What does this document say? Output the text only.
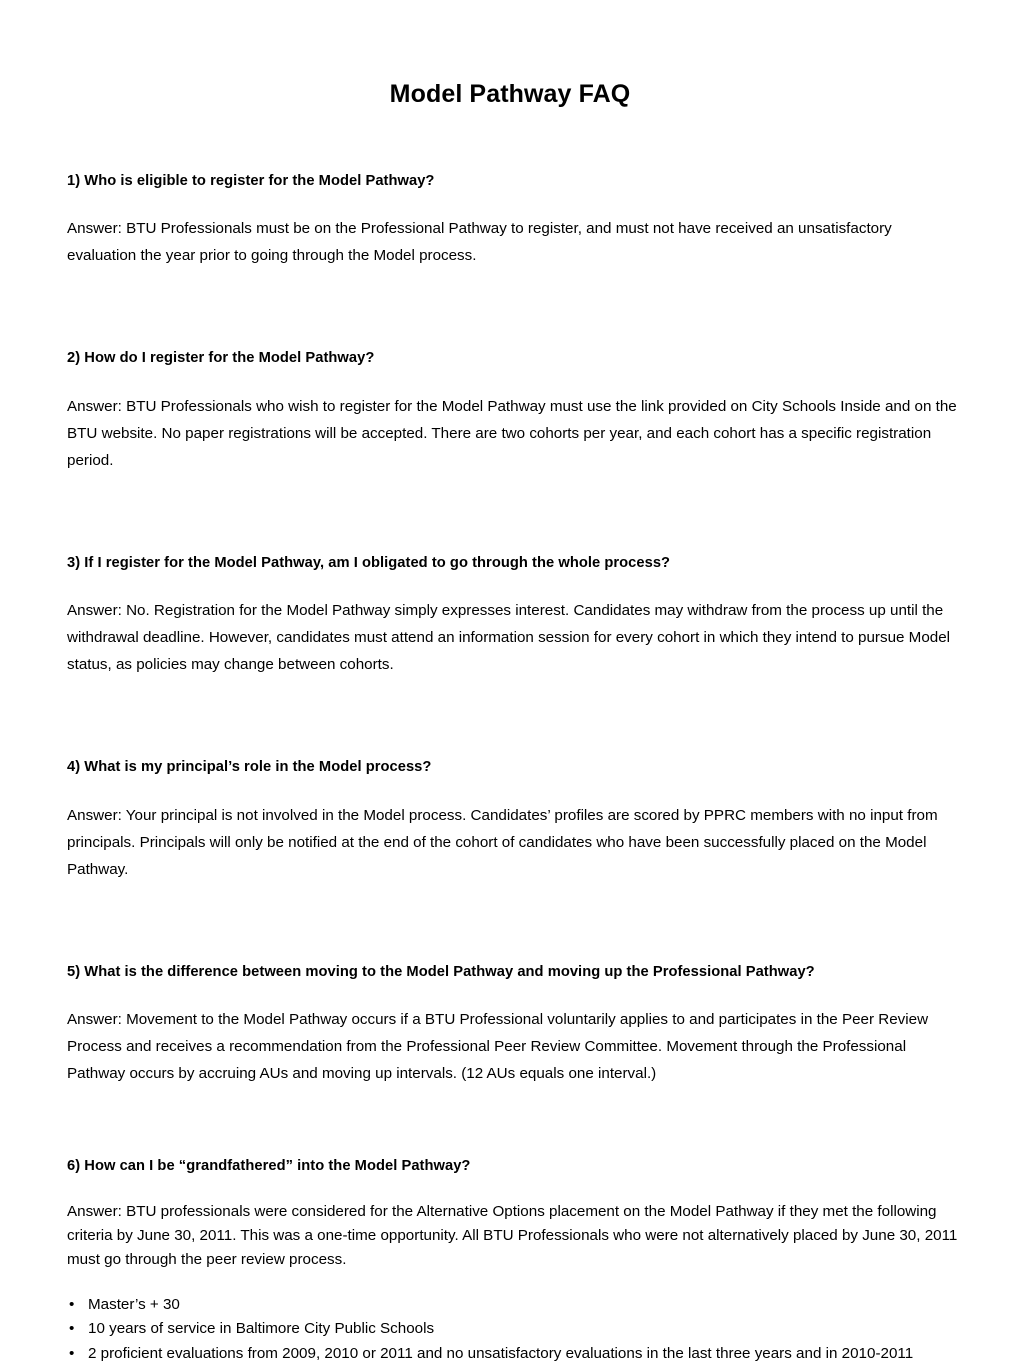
Model Pathway FAQ

1) Who is eligible to register for the Model Pathway?

Answer: BTU Professionals must be on the Professional Pathway to register, and must not have received an unsatisfactory evaluation the year prior to going through the Model process.

2) How do I register for the Model Pathway?

Answer: BTU Professionals who wish to register for the Model Pathway must use the link provided on City Schools Inside and on the BTU website. No paper registrations will be accepted. There are two cohorts per year, and each cohort has a specific registration period.

3) If I register for the Model Pathway, am I obligated to go through the whole process?

Answer: No. Registration for the Model Pathway simply expresses interest. Candidates may withdraw from the process up until the withdrawal deadline. However, candidates must attend an information session for every cohort in which they intend to pursue Model status, as policies may change between cohorts.

4) What is my principal’s role in the Model process?

Answer: Your principal is not involved in the Model process. Candidates’ profiles are scored by PPRC members with no input from principals. Principals will only be notified at the end of the cohort of candidates who have been successfully placed on the Model Pathway.

5) What is the difference between moving to the Model Pathway and moving up the Professional Pathway?

Answer: Movement to the Model Pathway occurs if a BTU Professional voluntarily applies to and participates in the Peer Review Process and receives a recommendation from the Professional Peer Review Committee. Movement through the Professional Pathway occurs by accruing AUs and moving up intervals. (12 AUs equals one interval.)

6) How can I be “grandfathered” into the Model Pathway?

Answer: BTU professionals were considered for the Alternative Options placement on the Model Pathway if they met the following criteria by June 30, 2011. This was a one-time opportunity. All BTU Professionals who were not alternatively placed by June 30, 2011 must go through the peer review process.

• Master’s + 30
• 10 years of service in Baltimore City Public Schools
• 2 proficient evaluations from 2009, 2010 or 2011 and no unsatisfactory evaluations in the last three years and in 2010-2011
